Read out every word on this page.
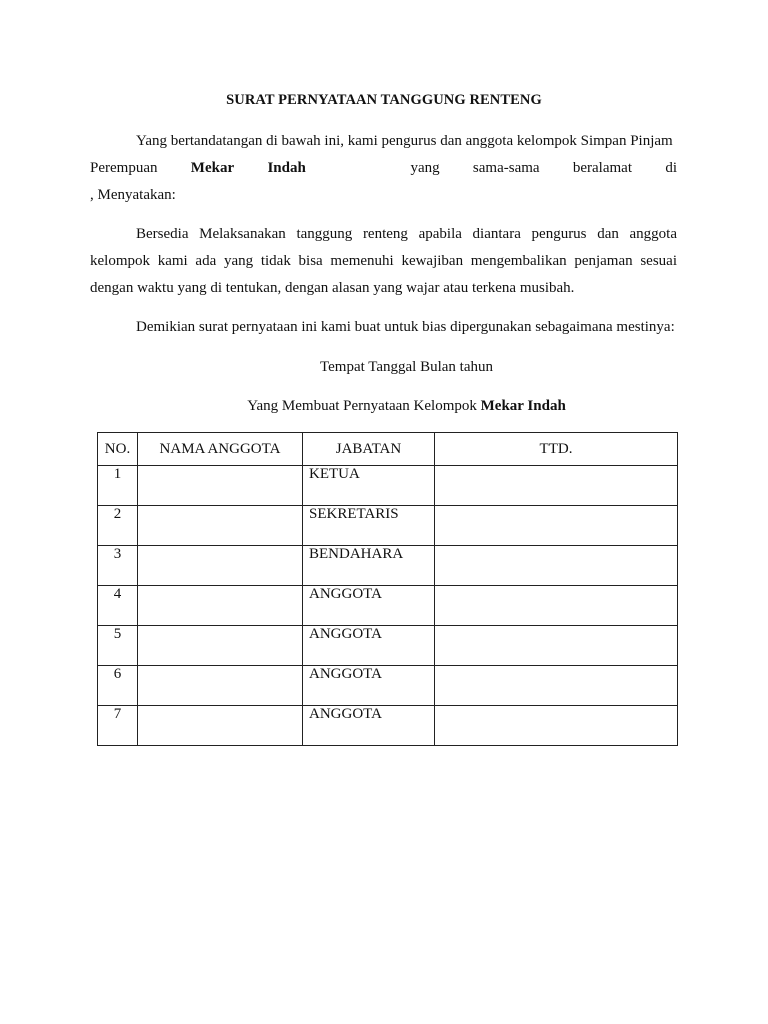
SURAT PERNYATAAN TANGGUNG RENTENG
Yang bertandatangan di bawah ini, kami pengurus dan anggota kelompok Simpan Pinjam
Perempuan Mekar Indah	yang sama-sama beralamat di
, Menyatakan:
Bersedia Melaksanakan tanggung renteng apabila diantara pengurus dan anggota kelompok kami ada yang tidak bisa memenuhi kewajiban mengembalikan penjaman sesuai dengan waktu yang di tentukan, dengan alasan yang wajar atau terkena musibah.
Demikian surat pernyataan ini kami buat untuk bias dipergunakan sebagaimana mestinya:
Tempat Tanggal Bulan tahun
Yang Membuat Pernyataan Kelompok Mekar Indah
NO.	NAMA ANGGOTA	JABATAN	TTD.
1		KETUA	
2		SEKRETARIS	
3		BENDAHARA	
4		ANGGOTA	
5		ANGGOTA	
6		ANGGOTA	
7		ANGGOTA	
